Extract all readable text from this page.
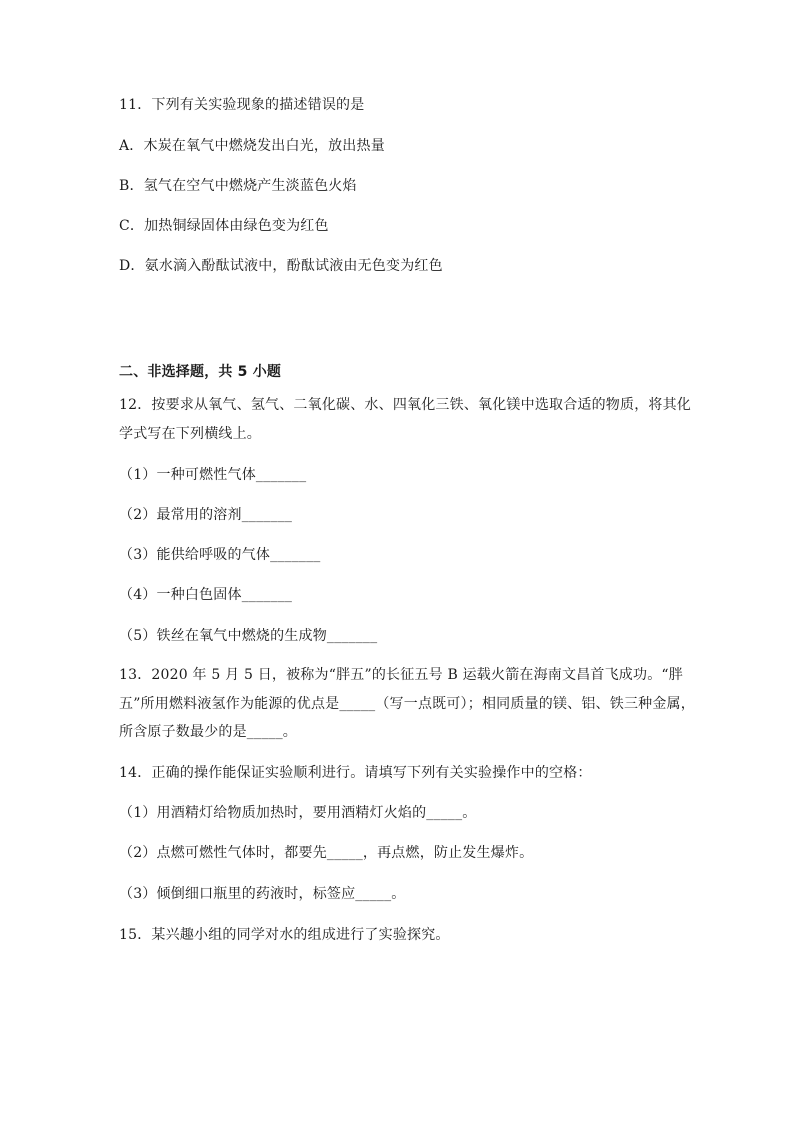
11．下列有关实验现象的描述错误的是
A．木炭在氧气中燃烧发出白光，放出热量
B．氢气在空气中燃烧产生淡蓝色火焰
C．加热铜绿固体由绿色变为红色
D．氨水滴入酚酞试液中，酚酞试液由无色变为红色
二、非选择题，共 5 小题
12．按要求从氧气、氢气、二氧化碳、水、四氧化三铁、氧化镁中选取合适的物质，将其化
学式写在下列横线上。
（1）一种可燃性气体_______
（2）最常用的溶剂_______
（3）能供给呼吸的气体_______
（4）一种白色固体_______
（5）铁丝在氧气中燃烧的生成物_______
13．2020 年 5 月 5 日，被称为“胖五”的长征五号 B 运载火箭在海南文昌首飞成功。“胖
五”所用燃料液氢作为能源的优点是_____（写一点既可）；相同质量的镁、铝、铁三种金属，
所含原子数最少的是_____。
14．正确的操作能保证实验顺利进行。请填写下列有关实验操作中的空格：
（1）用酒精灯给物质加热时，要用酒精灯火焰的_____。
（2）点燃可燃性气体时，都要先_____，再点燃，防止发生爆炸。
（3）倾倒细口瓶里的药液时，标签应_____。
15．某兴趣小组的同学对水的组成进行了实验探究。
